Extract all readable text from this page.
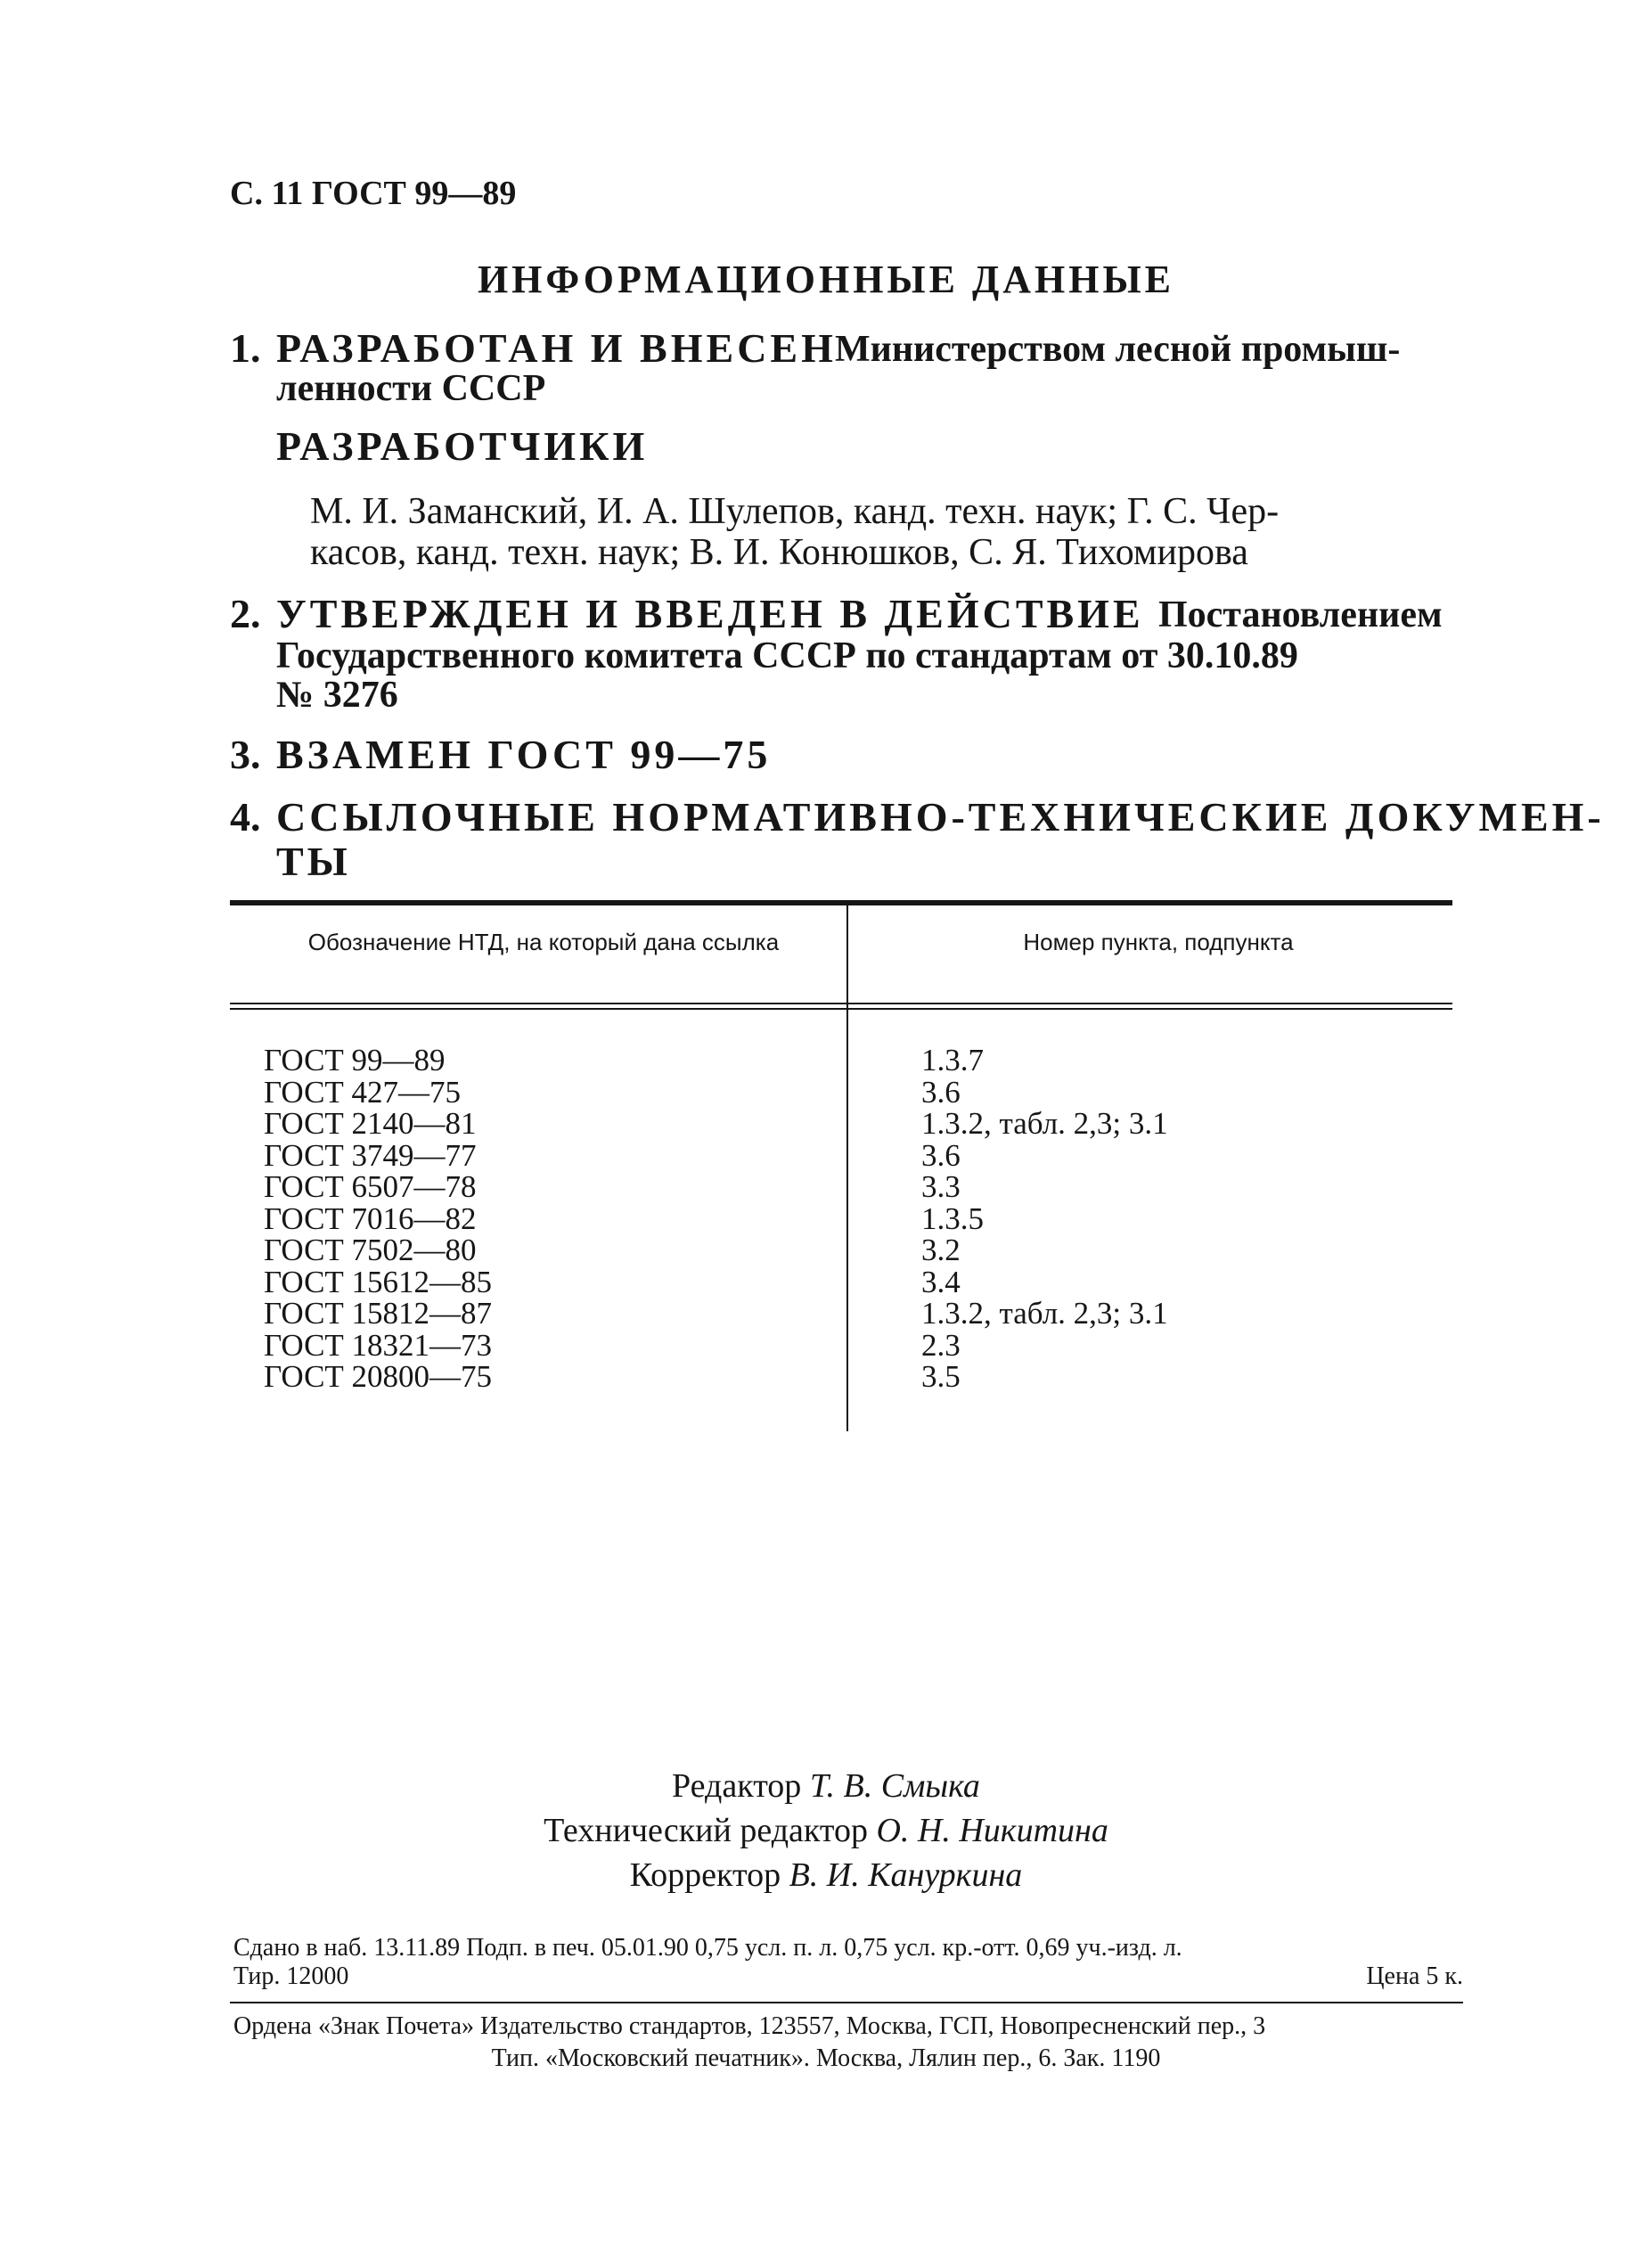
С. 11 ГОСТ 99—89
ИНФОРМАЦИОННЫЕ ДАННЫЕ
1. РАЗРАБОТАН И ВНЕСЕН
Министерством лесной промыш-
ленности СССР
РАЗРАБОТЧИКИ
М. И. Заманский, И. А. Шулепов, канд. техн. наук; Г. С. Чер-
касов, канд. техн. наук; В. И. Конюшков, С. Я. Тихомирова
2. УТВЕРЖДЕН И ВВЕДЕН В ДЕЙСТВИЕ Постановлением
Государственного комитета СССР по стандартам от 30.10.89
№ 3276
3. ВЗАМЕН ГОСТ 99—75
4. ССЫЛОЧНЫЕ НОРМАТИВНО-ТЕХНИЧЕСКИЕ ДОКУМЕН-
ТЫ
Обозначение НТД, на который дана ссылка	Номер пункта, подпункта
ГОСТ 99—89	1.3.7
ГОСТ 427—75	3.6
ГОСТ 2140—81	1.3.2, табл. 2,3; 3.1
ГОСТ 3749—77	3.6
ГОСТ 6507—78	3.3
ГОСТ 7016—82	1.3.5
ГОСТ 7502—80	3.2
ГОСТ 15612—85	3.4
ГОСТ 15812—87	1.3.2, табл. 2,3; 3.1
ГОСТ 18321—73	2.3
ГОСТ 20800—75	3.5
Редактор Т. В. Смыка
Технический редактор О. Н. Никитина
Корректор В. И. Кануркина
Сдано в наб. 13.11.89 Подп. в печ. 05.01.90 0,75 усл. п. л. 0,75 усл. кр.-отт. 0,69 уч.-изд. л.
Тир. 12000	Цена 5 к.
Ордена «Знак Почета» Издательство стандартов, 123557, Москва, ГСП, Новопресненский пер., 3
Тип. «Московский печатник». Москва, Лялин пер., 6. Зак. 1190
